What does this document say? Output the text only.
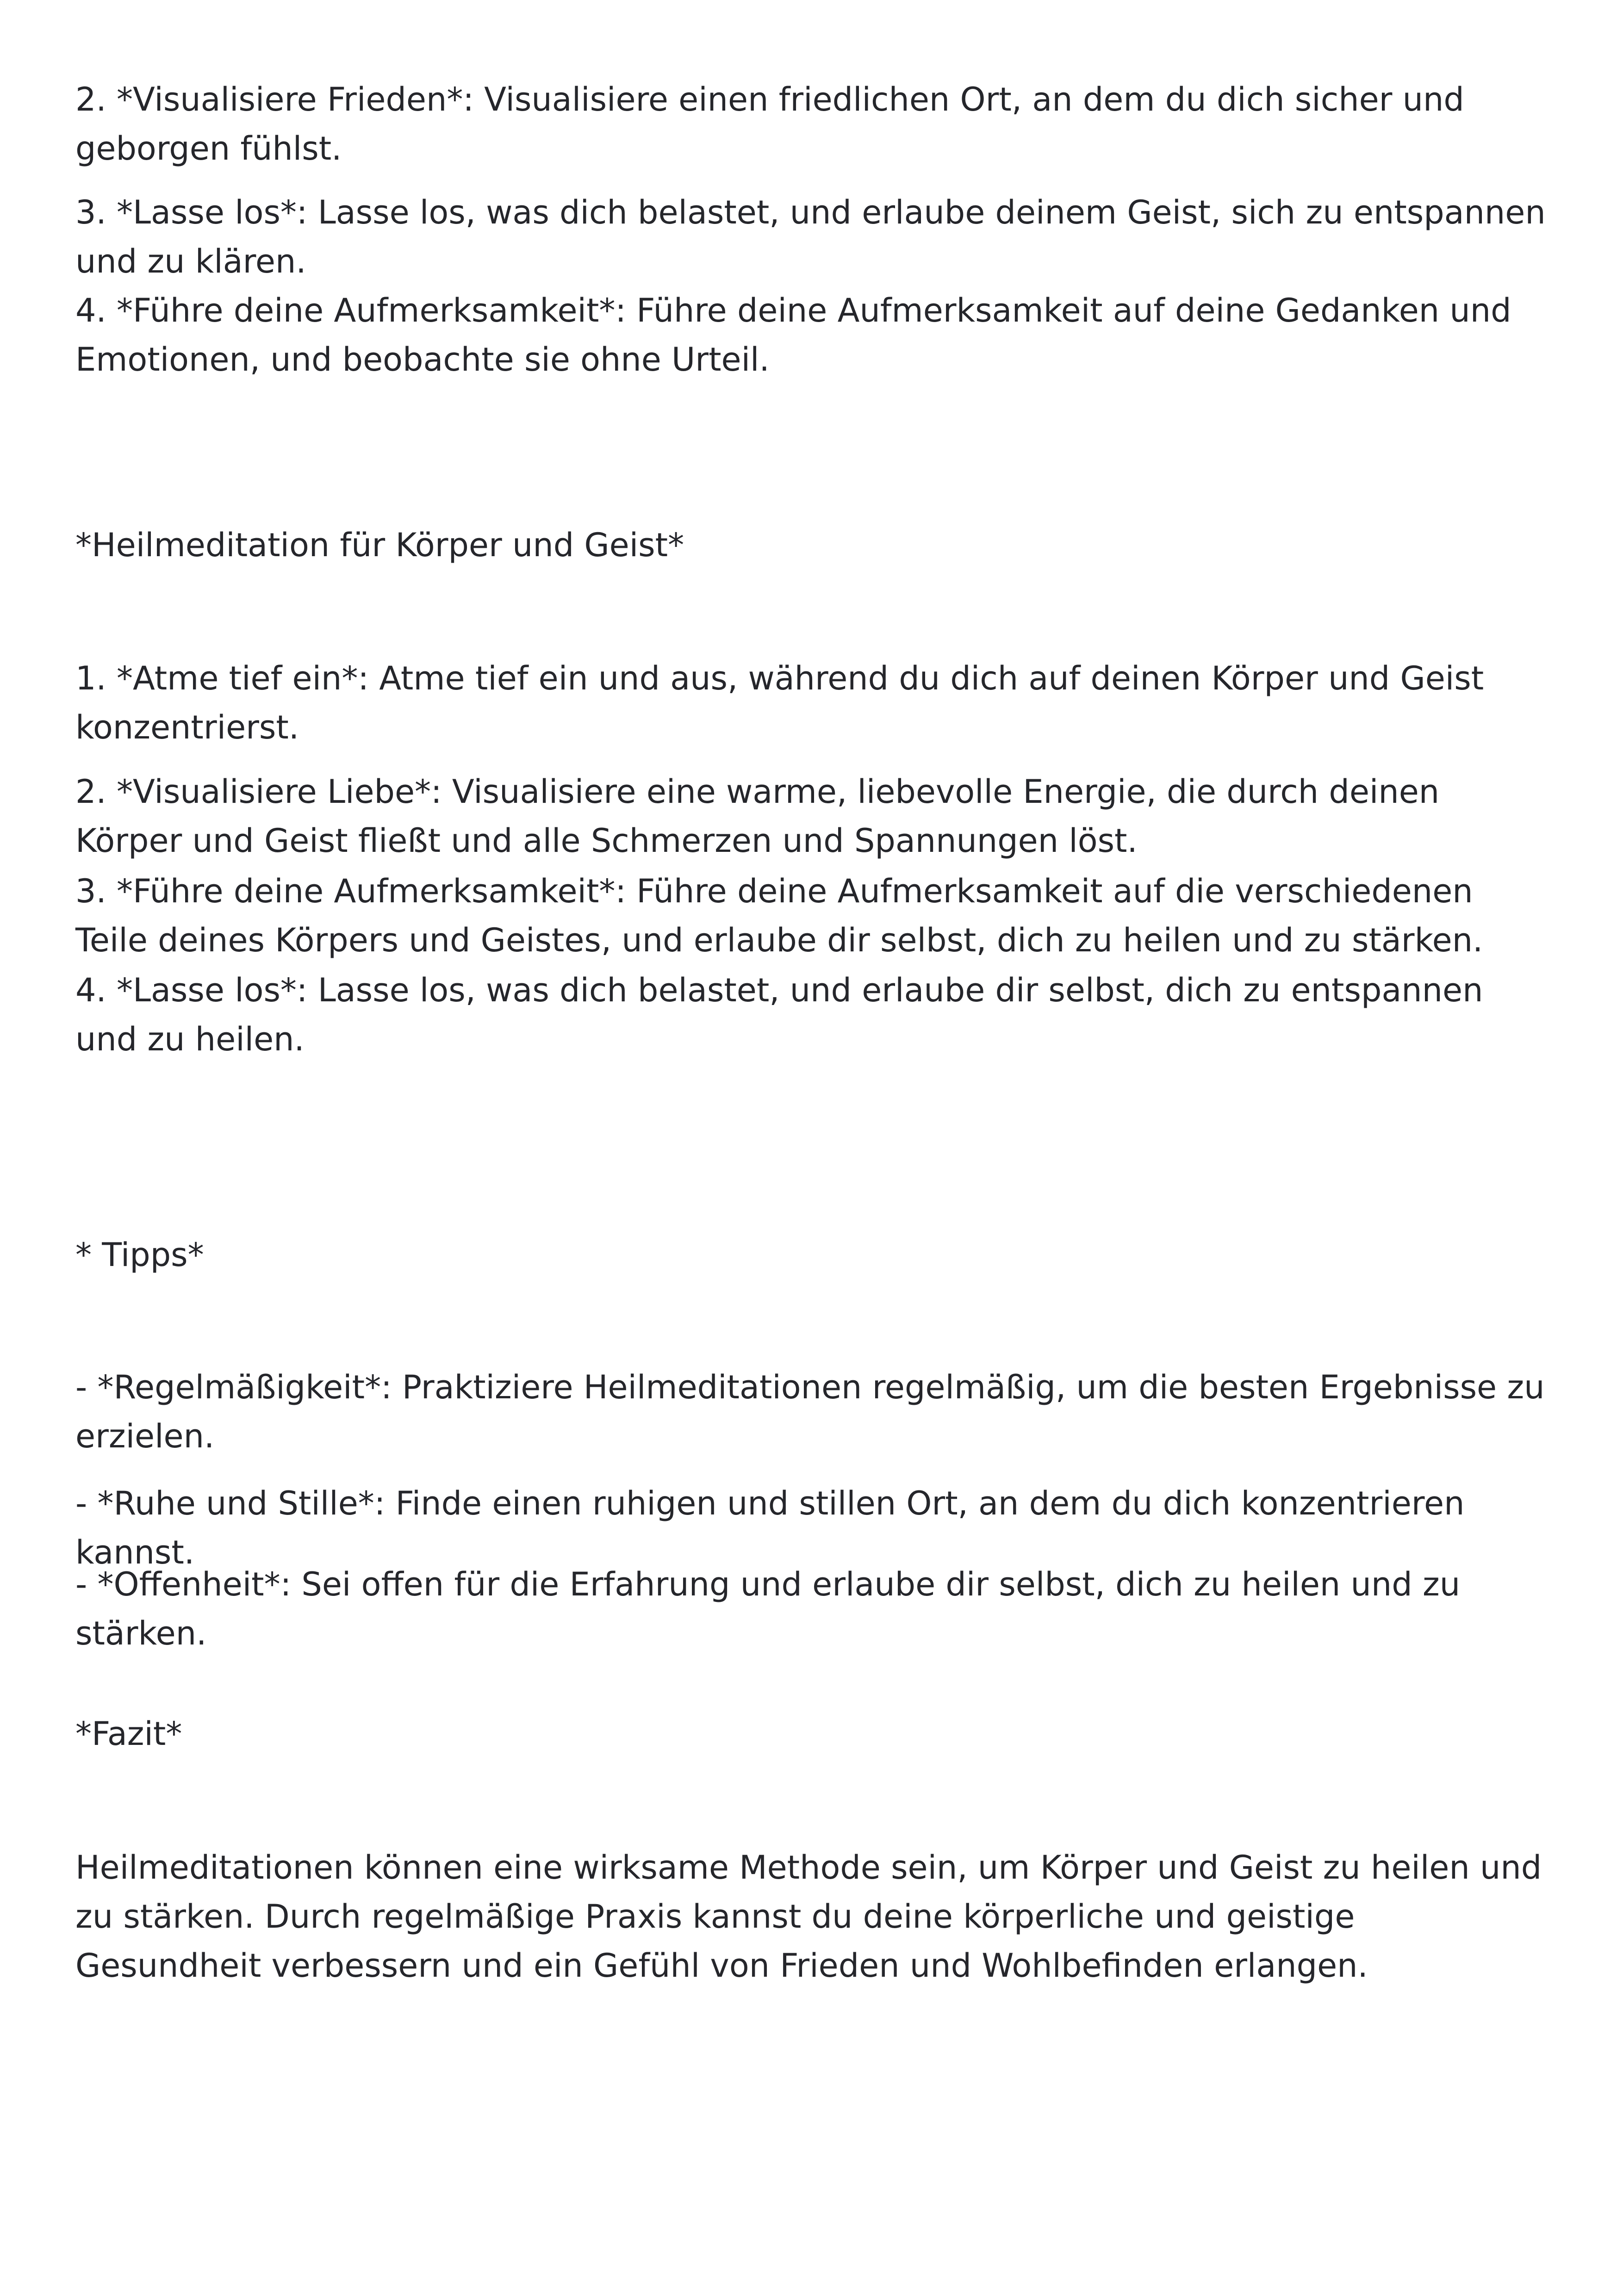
2. *Visualisiere Frieden*: Visualisiere einen friedlichen Ort, an dem du dich sicher und geborgen fühlst.

3. *Lasse los*: Lasse los, was dich belastet, und erlaube deinem Geist, sich zu entspannen und zu klären.

4. *Führe deine Aufmerksamkeit*: Führe deine Aufmerksamkeit auf deine Gedanken und Emotionen, und beobachte sie ohne Urteil.

*Heilmeditation für Körper und Geist*

1. *Atme tief ein*: Atme tief ein und aus, während du dich auf deinen Körper und Geist konzentrierst.

2. *Visualisiere Liebe*: Visualisiere eine warme, liebevolle Energie, die durch deinen Körper und Geist fließt und alle Schmerzen und Spannungen löst.

3. *Führe deine Aufmerksamkeit*: Führe deine Aufmerksamkeit auf die verschiedenen Teile deines Körpers und Geistes, und erlaube dir selbst, dich zu heilen und zu stärken.

4. *Lasse los*: Lasse los, was dich belastet, und erlaube dir selbst, dich zu entspannen und zu heilen.

* Tipps*

- *Regelmäßigkeit*: Praktiziere Heilmeditationen regelmäßig, um die besten Ergebnisse zu erzielen.

- *Ruhe und Stille*: Finde einen ruhigen und stillen Ort, an dem du dich konzentrieren kannst.

- *Offenheit*: Sei offen für die Erfahrung und erlaube dir selbst, dich zu heilen und zu stärken.

*Fazit*

Heilmeditationen können eine wirksame Methode sein, um Körper und Geist zu heilen und zu stärken. Durch regelmäßige Praxis kannst du deine körperliche und geistige Gesundheit verbessern und ein Gefühl von Frieden und Wohlbefinden erlangen.
